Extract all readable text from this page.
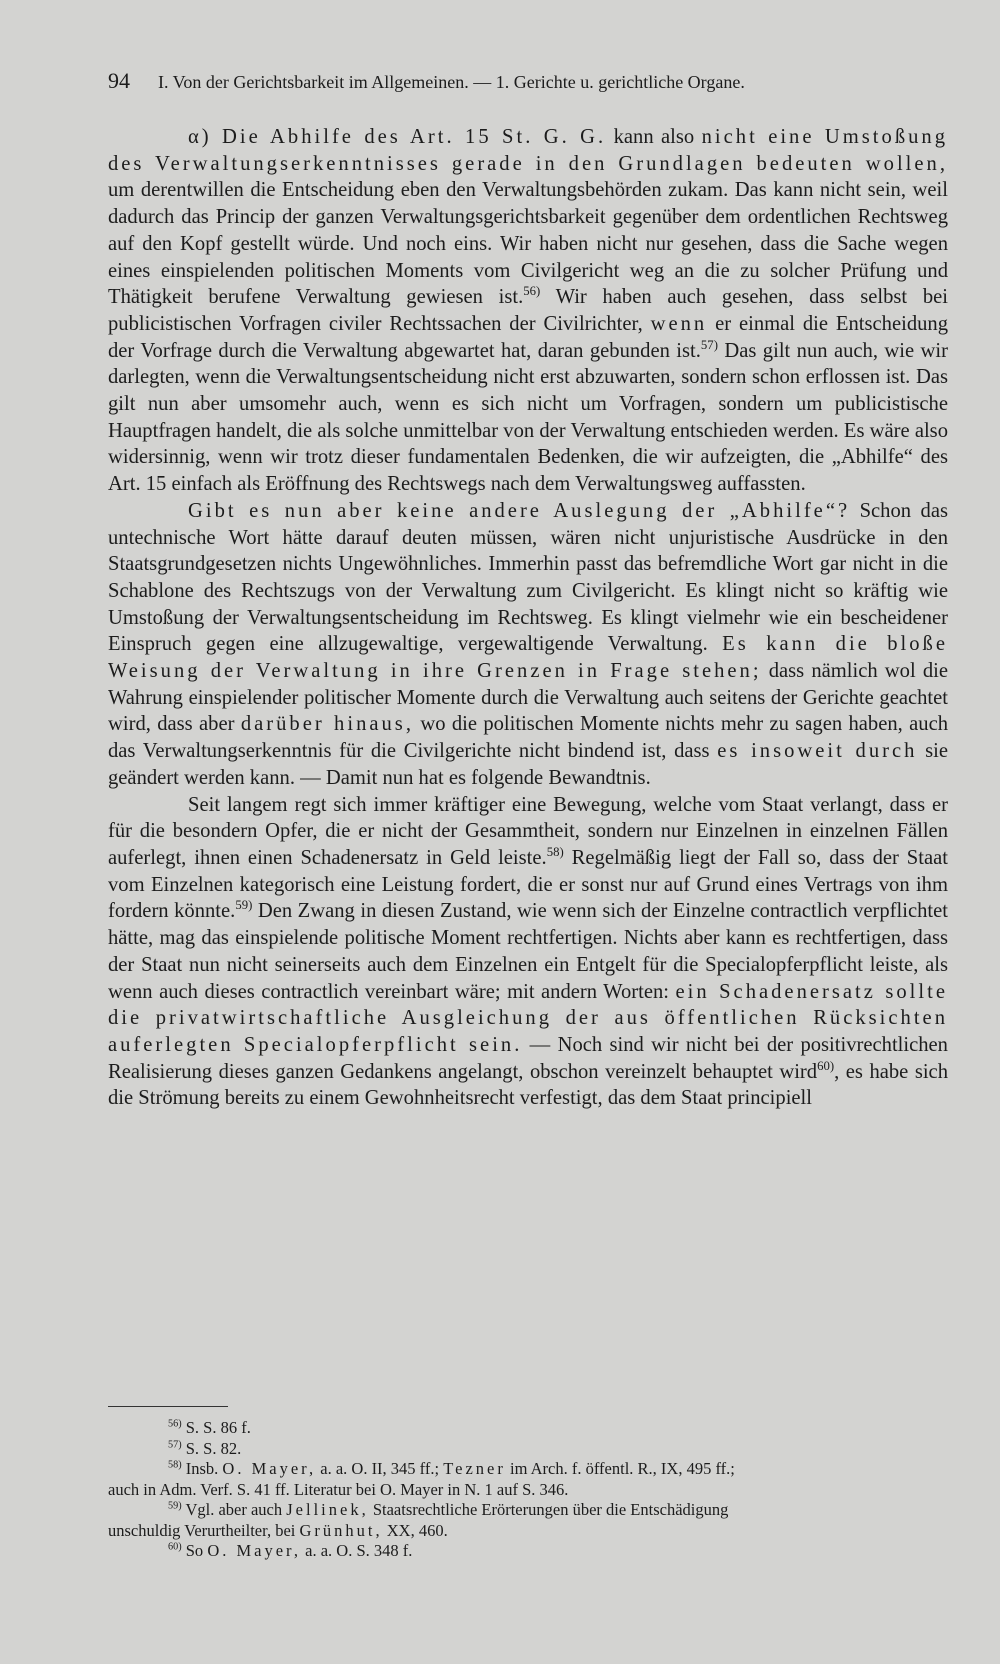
94 I. Von der Gerichtsbarkeit im Allgemeinen. — 1. Gerichte u. gerichtliche Organe.

α) Die Abhilfe des Art. 15 St. G. G. kann also nicht eine Umstoßung des Verwaltungserkenntnisses gerade in den Grundlagen bedeuten wollen, um derentwillen die Entscheidung eben den Verwaltungsbehörden zukam. Das kann nicht sein, weil dadurch das Princip der ganzen Verwaltungsgerichtsbarkeit gegenüber dem ordentlichen Rechtsweg auf den Kopf gestellt würde. Und noch eins. Wir haben nicht nur gesehen, dass die Sache wegen eines einspielenden politischen Moments vom Civilgericht weg an die zu solcher Prüfung und Thätigkeit berufene Verwaltung gewiesen ist.$^{56)}$ Wir haben auch gesehen, dass selbst bei publicistischen Vorfragen civiler Rechtssachen der Civilrichter, wenn er einmal die Entscheidung der Vorfrage durch die Verwaltung abgewartet hat, daran gebunden ist.$^{57)}$ Das gilt nun auch, wie wir darlegten, wenn die Verwaltungsentscheidung nicht erst abzuwarten, sondern schon erflossen ist. Das gilt nun aber umsomehr auch, wenn es sich nicht um Vorfragen, sondern um publicistische Hauptfragen handelt, die als solche unmittelbar von der Verwaltung entschieden werden. Es wäre also widersinnig, wenn wir trotz dieser fundamentalen Bedenken, die wir aufzeigten, die „Abhilfe“ des Art. 15 einfach als Eröffnung des Rechtswegs nach dem Verwaltungsweg auffassten.

Gibt es nun aber keine andere Auslegung der „Abhilfe“? Schon das untechnische Wort hätte darauf deuten müssen, wären nicht unjuristische Ausdrücke in den Staatsgrundgesetzen nichts Ungewöhnliches. Immerhin passt das befremdliche Wort gar nicht in die Schablone des Rechtszugs von der Verwaltung zum Civilgericht. Es klingt nicht so kräftig wie Umstoßung der Verwaltungsentscheidung im Rechtsweg. Es klingt vielmehr wie ein bescheidener Einspruch gegen eine allzugewaltige, vergewaltigende Verwaltung. Es kann die bloße Weisung der Verwaltung in ihre Grenzen in Frage stehen; dass nämlich wol die Wahrung einspielender politischer Momente durch die Verwaltung auch seitens der Gerichte geachtet wird, dass aber darüber hinaus, wo die politischen Momente nichts mehr zu sagen haben, auch das Verwaltungserkenntnis für die Civilgerichte nicht bindend ist, dass es insoweit durch sie geändert werden kann. — Damit nun hat es folgende Bewandtnis.

Seit langem regt sich immer kräftiger eine Bewegung, welche vom Staat verlangt, dass er für die besondern Opfer, die er nicht der Gesammtheit, sondern nur Einzelnen in einzelnen Fällen auferlegt, ihnen einen Schadenersatz in Geld leiste.$^{58)}$ Regelmäßig liegt der Fall so, dass der Staat vom Einzelnen kategorisch eine Leistung fordert, die er sonst nur auf Grund eines Vertrags von ihm fordern könnte.$^{59)}$ Den Zwang in diesen Zustand, wie wenn sich der Einzelne contractlich verpflichtet hätte, mag das einspielende politische Moment rechtfertigen. Nichts aber kann es rechtfertigen, dass der Staat nun nicht seinerseits auch dem Einzelnen ein Entgelt für die Specialopferpflicht leiste, als wenn auch dieses contractlich vereinbart wäre; mit andern Worten: ein Schadenersatz sollte die privatwirtschaftliche Ausgleichung der aus öffentlichen Rücksichten auferlegten Specialopferpflicht sein. — Noch sind wir nicht bei der positivrechtlichen Realisierung dieses ganzen Gedankens angelangt, obschon vereinzelt behauptet wird$^{60)}$, es habe sich die Strömung bereits zu einem Gewohnheitsrecht verfestigt, das dem Staat principiell

$^{56)}$ S. S. 86 f.

$^{57)}$ S. S. 82.

$^{58)}$ Insb. O. Mayer, a. a. O. II, 345 ff.; Tezner im Arch. f. öffentl. R., IX, 495 ff.;

auch in Adm. Verf. S. 41 ff. Literatur bei O. Mayer in N. 1 auf S. 346.

$^{59)}$ Vgl. aber auch Jellinek, Staatsrechtliche Erörterungen über die Entschädigung

unschuldig Verurtheilter, bei Grünhut, XX, 460.

$^{60)}$ So O. Mayer, a. a. O. S. 348 f.
